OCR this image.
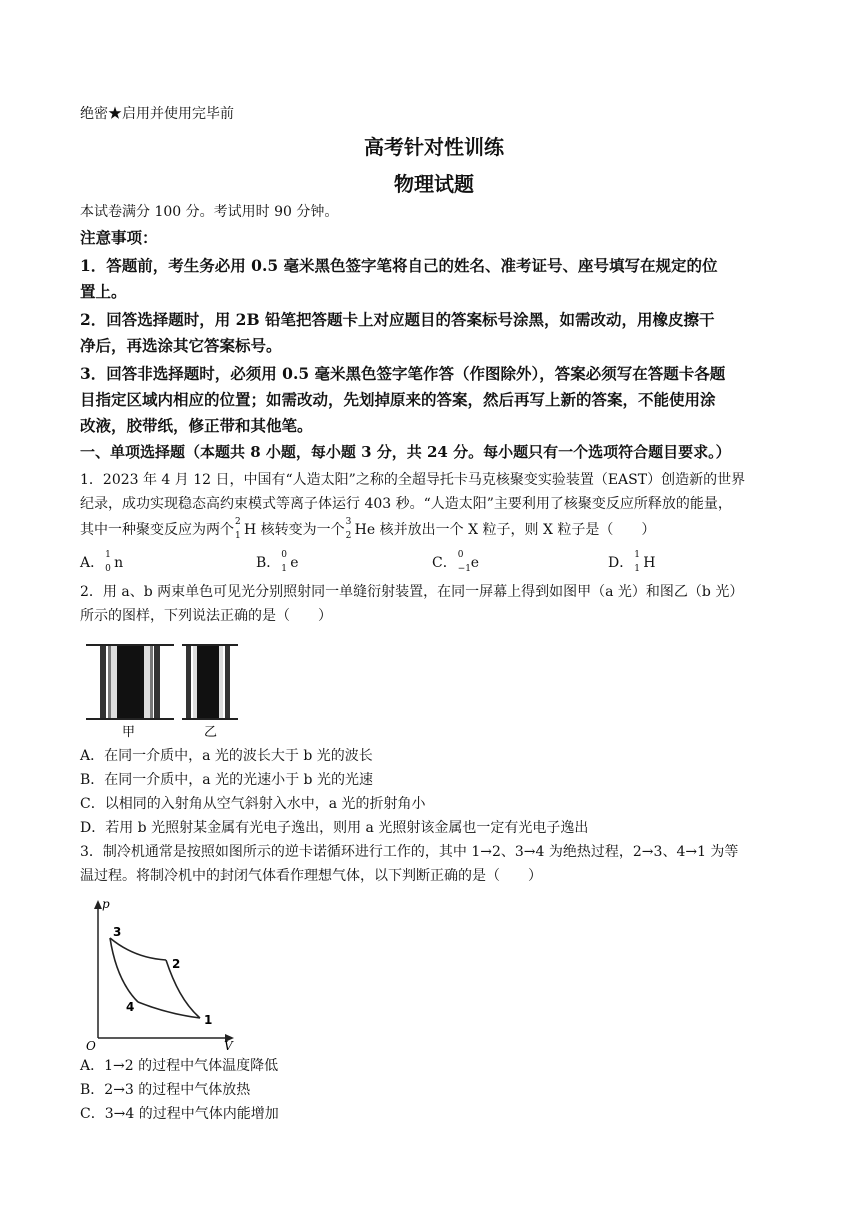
绝密★启用并使用完毕前
高考针对性训练
物理试题
本试卷满分 100 分。考试用时 90 分钟。
注意事项：
1．答题前，考生务必用 0.5 毫米黑色签字笔将自己的姓名、准考证号、座号填写在规定的位
置上。
2．回答选择题时，用 2B 铅笔把答题卡上对应题目的答案标号涂黑，如需改动，用橡皮擦干
净后，再选涂其它答案标号。
3．回答非选择题时，必须用 0.5 毫米黑色签字笔作答（作图除外），答案必须写在答题卡各题
目指定区域内相应的位置；如需改动，先划掉原来的答案，然后再写上新的答案，不能使用涂
改液，胶带纸，修正带和其他笔。
一、单项选择题（本题共 8 小题，每小题 3 分，共 24 分。每小题只有一个选项符合题目要求。）
1．2023 年 4 月 12 日，中国有“人造太阳”之称的全超导托卡马克核聚变实验装置（EAST）创造新的世界
纪录，成功实现稳态高约束模式等离子体运行 403 秒。“人造太阳”主要利用了核聚变反应所释放的能量，
其中一种聚变反应为两个 2
1 H 核转变为一个 3
2 He 核并放出一个 X 粒子，则 X 粒子是（　　）
A． 1
0 n	B． 0
1 e	C． 0
−1 e	D． 1
1 H
2．用 a、b 两束单色可见光分别照射同一单缝衍射装置，在同一屏幕上得到如图甲（a 光）和图乙（b 光）
所示的图样，下列说法正确的是（　　）
甲	乙
A．在同一介质中，a 光的波长大于 b 光的波长
B．在同一介质中，a 光的光速小于 b 光的光速
C．以相同的入射角从空气斜射入水中，a 光的折射角小
D．若用 b 光照射某金属有光电子逸出，则用 a 光照射该金属也一定有光电子逸出
3．制冷机通常是按照如图所示的逆卡诺循环进行工作的，其中 1→2、3→4 为绝热过程，2→3、4→1 为等
温过程。将制冷机中的封闭气体看作理想气体，以下判断正确的是（　　）
p
V
O
1
2
3
4
A．1→2 的过程中气体温度降低
B．2→3 的过程中气体放热
C．3→4 的过程中气体内能增加
